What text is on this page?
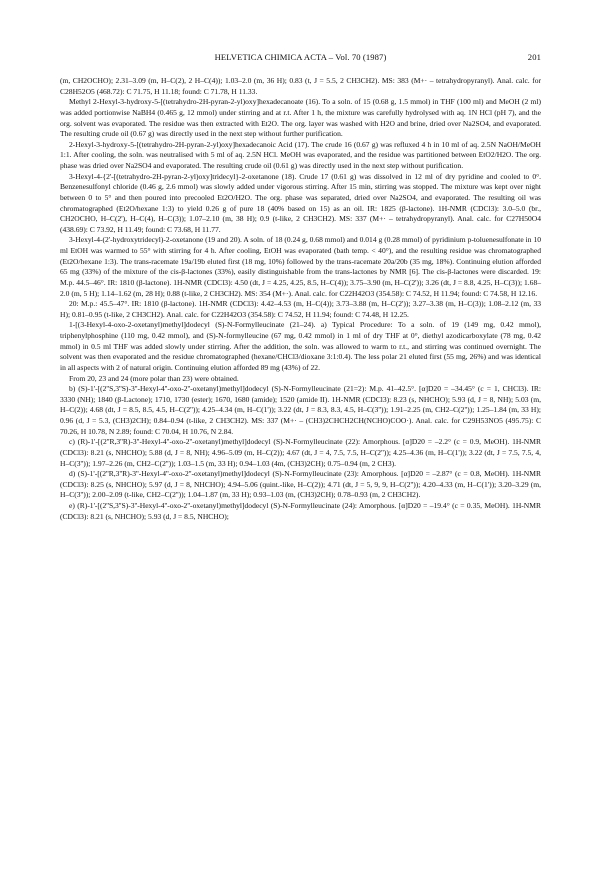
HELVETICA CHIMICA ACTA – Vol. 70 (1987)	201

(m, CH2OCHO); 2.31–3.09 (m, H–C(2), 2 H–C(4)); 1.03–2.0 (m, 36 H); 0.83 (t, J = 5.5, 2 CH3CH2). MS: 383 (M+· – tetrahydropyranyl). Anal. calc. for C28H52O5 (468.72): C 71.75, H 11.18; found: C 71.78, H 11.33.

Methyl 2-Hexyl-3-hydroxy-5-[(tetrahydro-2H-pyran-2-yl)oxy]hexadecanoate (16). To a soln. of 15 (0.68 g, 1.5 mmol) in THF (100 ml) and MeOH (2 ml) was added portionwise NaBH4 (0.465 g, 12 mmol) under stirring and at r.t. After 1 h, the mixture was carefully hydrolysed with aq. 1N HCl (pH 7), and the org. solvent was evaporated. The residue was then extracted with Et2O. The org. layer was washed with H2O and brine, dried over Na2SO4, and evaporated. The resulting crude oil (0.67 g) was directly used in the next step without further purification.

2-Hexyl-3-hydroxy-5-[(tetrahydro-2H-pyran-2-yl)oxy]hexadecanoic Acid (17). The crude 16 (0.67 g) was refluxed 4 h in 10 ml of aq. 2.5N NaOH/MeOH 1:1. After cooling, the soln. was neutralised with 5 ml of aq. 2.5N HCl. MeOH was evaporated, and the residue was partitioned between EtO2/H2O. The org. phase was dried over Na2SO4 and evaporated. The resulting crude oil (0.61 g) was directly used in the next step without purification.

3-Hexyl-4-{2'-[(tetrahydro-2H-pyran-2-yl)oxy]tridecyl}-2-oxetanone (18). Crude 17 (0.61 g) was dissolved in 12 ml of dry pyridine and cooled to 0°. Benzenesulfonyl chloride (0.46 g, 2.6 mmol) was slowly added under vigorous stirring. After 15 min, stirring was stopped. The mixture was kept over night between 0 to 5° and then poured into precooled Et2O/H2O. The org. phase was separated, dried over Na2SO4, and evaporated. The resulting oil was chromatographed (Et2O/hexane 1:3) to yield 0.26 g of pure 18 (40% based on 15) as an oil. IR: 1825 (β-lactone). 1H-NMR (CDCl3): 3.0–5.0 (br., CH2OCHO, H–C(2'), H–C(4), H–C(3)); 1.07–2.10 (m, 38 H); 0.9 (t-like, 2 CH3CH2). MS: 337 (M+· – tetrahydropyranyl). Anal. calc. for C27H50O4 (438.69): C 73.92, H 11.49; found: C 73.68, H 11.77.

3-Hexyl-4-(2'-hydroxytridecyl)-2-oxetanone (19 and 20). A soln. of 18 (0.24 g, 0.68 mmol) and 0.014 g (0.28 mmol) of pyridinium p-toluenesulfonate in 10 ml EtOH was warmed to 55° with stirring for 4 h. After cooling, EtOH was evaporated (bath temp. < 40°), and the resulting residue was chromatographed (Et2O/hexane 1:3). The trans-racemate 19a/19b eluted first (18 mg, 10%) followed by the trans-racemate 20a/20b (35 mg, 18%). Continuing elution afforded 65 mg (33%) of the mixture of the cis-β-lactones (33%), easily distinguishable from the trans-lactones by NMR [6]. The cis-β-lactones were discarded. 19: M.p. 44.5–46°. IR: 1810 (β-lactone). 1H-NMR (CDCl3): 4.50 (dt, J = 4.25, 4.25, 8.5, H–C(4)); 3.75–3.90 (m, H–C(2')); 3.26 (dt, J = 8.8, 4.25, H–C(3)); 1.68–2.0 (m, 5 H); 1.14–1.62 (m, 28 H); 0.88 (t-like, 2 CH3CH2). MS: 354 (M+·). Anal. calc. for C22H42O3 (354.58): C 74.52, H 11.94; found: C 74.58, H 12.16.

20: M.p.: 45.5–47°. IR: 1810 (β-lactone). 1H-NMR (CDCl3): 4.42–4.53 (m, H–C(4)); 3.73–3.88 (m, H–C(2')); 3.27–3.38 (m, H–C(3)); 1.08–2.12 (m, 33 H); 0.81–0.95 (t-like, 2 CH3CH2). Anal. calc. for C22H42O3 (354.58): C 74.52, H 11.94; found: C 74.48, H 12.25.

1-[(3-Hexyl-4-oxo-2-oxetanyl)methyl]dodecyl (S)-N-Formylleucinate (21–24). a) Typical Procedure: To a soln. of 19 (149 mg, 0.42 mmol), triphenylphosphine (110 mg, 0.42 mmol), and (S)-N-formylleucine (67 mg, 0.42 mmol) in 1 ml of dry THF at 0°, diethyl azodicarboxylate (78 mg, 0.42 mmol) in 0.5 ml THF was added slowly under stirring. After the addition, the soln. was allowed to warm to r.t., and stirring was continued overnight. The solvent was then evaporated and the residue chromatographed (hexane/CHCl3/dioxane 3:1:0.4). The less polar 21 eluted first (55 mg, 26%) and was identical in all aspects with 2 of natural origin. Continuing elution afforded 89 mg (43%) of 22.

From 20, 23 and 24 (more polar than 23) were obtained.

b) (S)-1'-[(2''S,3''S)-3''-Hexyl-4''-oxo-2''-oxetanyl)methyl]dodecyl (S)-N-Formylleucinate (21=2): M.p. 41–42.5°. [α]D20 = –34.45° (c = 1, CHCl3). IR: 3330 (NH); 1840 (β-Lactone); 1710, 1730 (ester); 1670, 1680 (amide); 1520 (amide II). 1H-NMR (CDCl3): 8.23 (s, NHCHO); 5.93 (d, J = 8, NH); 5.03 (m, H–C(2)); 4.68 (dt, J = 8.5, 8.5, 4.5, H–C(2'')); 4.25–4.34 (m, H–C(1')); 3.22 (dt, J = 8.3, 8.3, 4.5, H–C(3'')); 1.91–2.25 (m, CH2–C(2'')); 1.25–1.84 (m, 33 H); 0.96 (d, J = 5.3, (CH3)2CH); 0.84–0.94 (t-like, 2 CH3CH2). MS: 337 (M+· – (CH3)2CHCH2CH(NCHO)COO·). Anal. calc. for C29H53NO5 (495.75): C 70.26, H 10.78, N 2.89; found: C 70.04, H 10.76, N 2.84.

c) (R)-1'-[(2''R,3''R)-3''-Hexyl-4''-oxo-2''-oxetanyl)methyl]dodecyl (S)-N-Formylleucinate (22): Amorphous. [α]D20 = –2.2° (c = 0.9, MeOH). 1H-NMR (CDCl3): 8.21 (s, NHCHO); 5.88 (d, J = 8, NH); 4.96–5.09 (m, H–C(2)); 4.67 (dt, J = 4, 7.5, 7.5, H–C(2'')); 4.25–4.36 (m, H–C(1')); 3.22 (dt, J = 7.5, 7.5, 4, H–C(3'')); 1.97–2.26 (m, CH2–C(2'')); 1.03–1.5 (m, 33 H); 0.94–1.03 (4m, (CH3)2CH); 0.75–0.94 (m, 2 CH3).

d) (S)-1'-[(2''R,3''R)-3''-Hexyl-4''-oxo-2''-oxetanyl)methyl]dodecyl (S)-N-Formylleucinate (23): Amorphous. [α]D20 = –2.87° (c = 0.8, MeOH). 1H-NMR (CDCl3): 8.25 (s, NHCHO); 5.97 (d, J = 8, NHCHO); 4.94–5.06 (quint.-like, H–C(2)); 4.71 (dt, J = 5, 9, 9, H–C(2'')); 4.20–4.33 (m, H–C(1')); 3.20–3.29 (m, H–C(3'')); 2.00–2.09 (t-like, CH2–C(2'')); 1.04–1.87 (m, 33 H); 0.93–1.03 (m, (CH3)2CH); 0.78–0.93 (m, 2 CH3CH2).

e) (R)-1'-[(2''S,3''S)-3''-Hexyl-4''-oxo-2''-oxetanyl)methyl]dodecyl (S)-N-Formylleucinate (24): Amorphous. [α]D20 = –19.4° (c = 0.35, MeOH). 1H-NMR (CDCl3): 8.21 (s, NHCHO); 5.93 (d, J = 8.5, NHCHO);
